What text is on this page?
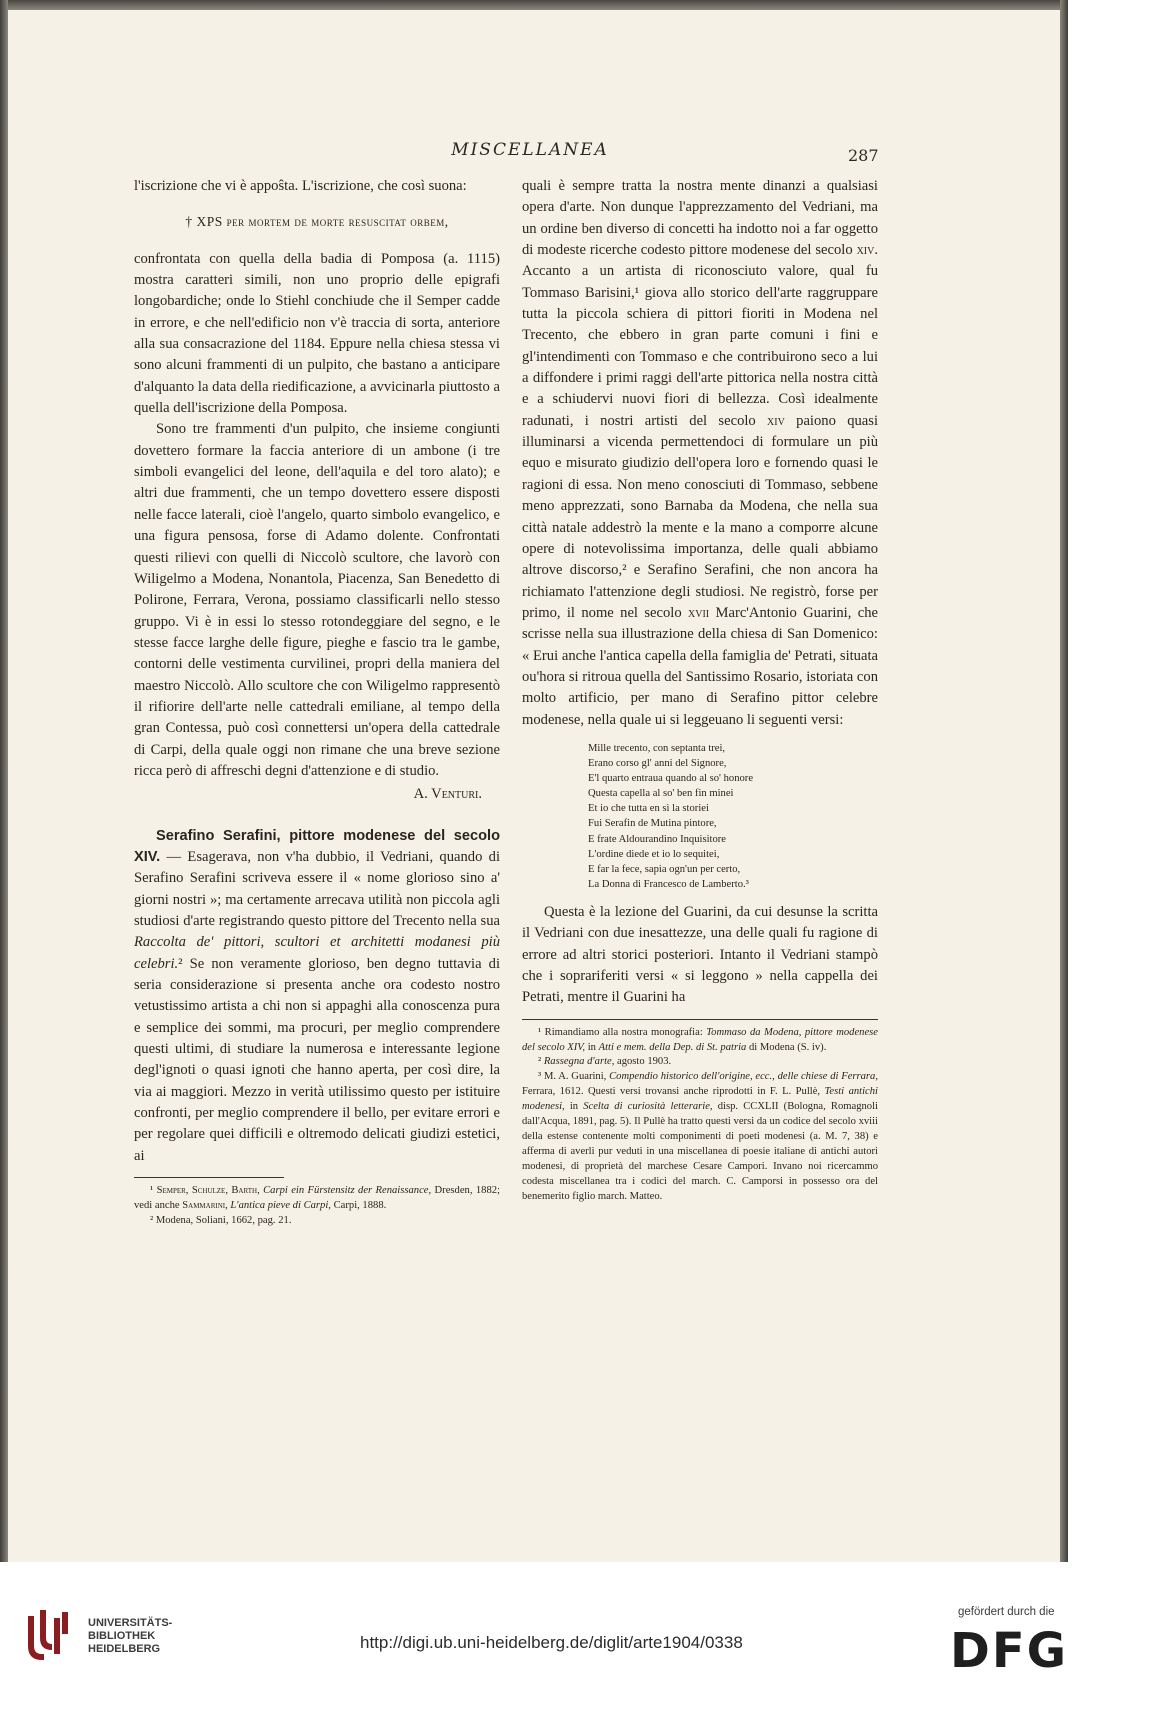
MISCELLANEA	287

l'iscrizione che vi è appoŝta. L'iscrizione, che così suona:

† XPS per mortem de morte resuscitat orbem,

confrontata con quella della badia di Pomposa (a. 1115) mostra caratteri simili, non uno proprio delle epigrafi longobardiche; onde lo Stiehl conchiude che il Semper cadde in errore, e che nell'edificio non v'è traccia di sorta, anteriore alla sua consacrazione del 1184. Eppure nella chiesa stessa vi sono alcuni frammenti di un pulpito, che bastano a anticipare d'alquanto la data della riedificazione, a avvicinarla piuttosto a quella dell'iscrizione della Pomposa.

Sono tre frammenti d'un pulpito, che insieme congiunti dovettero formare la faccia anteriore di un ambone (i tre simboli evangelici del leone, dell'aquila e del toro alato); e altri due frammenti, che un tempo dovettero essere disposti nelle facce laterali, cioè l'angelo, quarto simbolo evangelico, e una figura pensosa, forse di Adamo dolente. Confrontati questi rilievi con quelli di Niccolò scultore, che lavorò con Wiligelmo a Modena, Nonantola, Piacenza, San Benedetto di Polirone, Ferrara, Verona, possiamo classificarli nello stesso gruppo. Vi è in essi lo stesso rotondeggiare del segno, e le stesse facce larghe delle figure, pieghe e fascio tra le gambe, contorni delle vestimenta curvilinei, propri della maniera del maestro Niccolò. Allo scultore che con Wiligelmo rappresentò il rifiorire dell'arte nelle cattedrali emiliane, al tempo della gran Contessa, può così connettersi un'opera della cattedrale di Carpi, della quale oggi non rimane che una breve sezione ricca però di affreschi degni d'attenzione e di studio.

A. Venturi.

Serafino Serafini, pittore modenese del secolo XIV. — Esagerava, non v'ha dubbio, il Vedriani, quando di Serafino Serafini scriveva essere il « nome glorioso sino a' giorni nostri »; ma certamente arrecava utilità non piccola agli studiosi d'arte registrando questo pittore del Trecento nella sua Raccolta de' pittori, scultori et architetti modanesi più celebri.² Se non veramente glorioso, ben degno tuttavia di seria considerazione si presenta anche ora codesto nostro vetustissimo artista a chi non si appaghi alla conoscenza pura e semplice dei sommi, ma procuri, per meglio comprendere questi ultimi, di studiare la numerosa e interessante legione degl'ignoti o quasi ignoti che hanno aperta, per così dire, la via ai maggiori. Mezzo in verità utilissimo questo per istituire confronti, per meglio comprendere il bello, per evitare errori e per regolare quei difficili e oltremodo delicati giudizi estetici, ai

¹ Semper, Schulze, Barth, Carpi ein Fürstensitz der Renaissance, Dresden, 1882; vedi anche Sammarini, L'antica pieve di Carpi, Carpi, 1888.

² Modena, Soliani, 1662, pag. 21.

quali è sempre tratta la nostra mente dinanzi a qualsiasi opera d'arte. Non dunque l'apprezzamento del Vedriani, ma un ordine ben diverso di concetti ha indotto noi a far oggetto di modeste ricerche codesto pittore modenese del secolo xiv. Accanto a un artista di riconosciuto valore, qual fu Tommaso Barisini,¹ giova allo storico dell'arte raggruppare tutta la piccola schiera di pittori fioriti in Modena nel Trecento, che ebbero in gran parte comuni i fini e gl'intendimenti con Tommaso e che contribuirono seco a lui a diffondere i primi raggi dell'arte pittorica nella nostra città e a schiudervi nuovi fiori di bellezza. Così idealmente radunati, i nostri artisti del secolo xiv paiono quasi illuminarsi a vicenda permettendoci di formulare un più equo e misurato giudizio dell'opera loro e fornendo quasi le ragioni di essa. Non meno conosciuti di Tommaso, sebbene meno apprezzati, sono Barnaba da Modena, che nella sua città natale addestrò la mente e la mano a comporre alcune opere di notevolissima importanza, delle quali abbiamo altrove discorso,² e Serafino Serafini, che non ancora ha richiamato l'attenzione degli studiosi. Ne registrò, forse per primo, il nome nel secolo xvii Marc'Antonio Guarini, che scrisse nella sua illustrazione della chiesa di San Domenico: « Erui anche l'antica capella della famiglia de' Petrati, situata ou'hora si ritroua quella del Santissimo Rosario, istoriata con molto artificio, per mano di Serafino pittor celebre modenese, nella quale ui si leggeuano li seguenti versi:

Mille trecento, con septanta trei,
Erano corso gl' anni del Signore,
E'l quarto entraua quando al so' honore
Questa capella al so' ben fin minei
Et io che tutta en sì la storiei
Fui Serafin de Mutina pintore,
E frate Aldourandino Inquisitore
L'ordine diede et io lo sequitei,
E far la fece, sapia ogn'un per certo,
La Donna di Francesco de Lamberto.³

Questa è la lezione del Guarini, da cui desunse la scritta il Vedriani con due inesattezze, una delle quali fu ragione di errore ad altri storici posteriori. Intanto il Vedriani stampò che i soprariferiti versi « si leggono » nella cappella dei Petrati, mentre il Guarini ha

¹ Rimandiamo alla nostra monografia: Tommaso da Modena, pittore modenese del secolo XIV, in Atti e mem. della Dep. di St. patria di Modena (S. iv).

² Rassegna d'arte, agosto 1903.

³ M. A. Guarini, Compendio historico dell'origine, ecc., delle chiese di Ferrara, Ferrara, 1612. Questi versi trovansi anche riprodotti in F. L. Pullè, Testi antichi modenesi, in Scelta di curiosità letterarie, disp. CCXLII (Bologna, Romagnoli dall'Acqua, 1891, pag. 5). Il Pullè ha tratto questi versi da un codice del secolo xviii della estense contenente molti componimenti di poeti modenesi (a. M. 7, 38) e afferma di averli pur veduti in una miscellanea di poesie italiane di antichi autori modenesi, di proprietà del marchese Cesare Campori. Invano noi ricercammo codesta miscellanea tra i codici del march. C. Camporsi in possesso ora del benemerito figlio march. Matteo.

UNIVERSITÄTS-
BIBLIOTHEK
HEIDELBERG	http://digi.ub.uni-heidelberg.de/diglit/arte1904/0338
gefördert durch die
DFG
